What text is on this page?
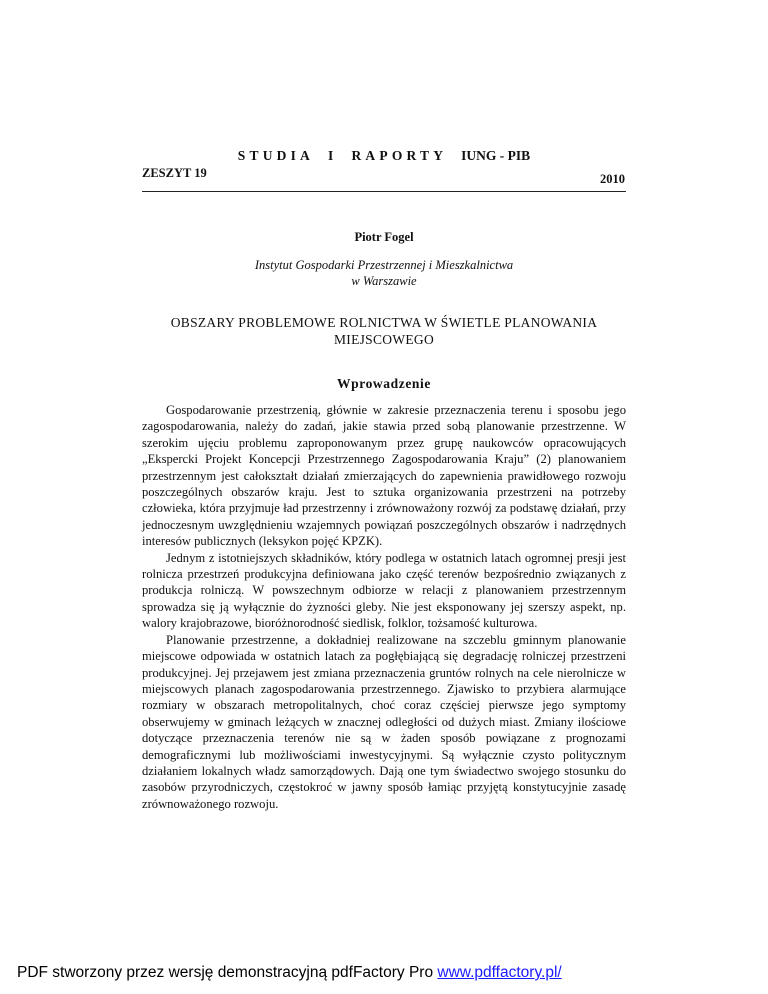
STUDIA I RAPORTY IUNG - PIB
ZESZYT 19	2010
Piotr Fogel
Instytut Gospodarki Przestrzennej i Mieszkalnictwa
w Warszawie
OBSZARY PROBLEMOWE ROLNICTWA W ŚWIETLE PLANOWANIA
MIEJSCOWEGO
Wprowadzenie

Gospodarowanie przestrzenią, głównie w zakresie przeznaczenia terenu i sposobu jego zagospodarowania, należy do zadań, jakie stawia przed sobą planowanie przestrzenne. W szerokim ujęciu problemu zaproponowanym przez grupę naukowców opracowujących „Ekspercki Projekt Koncepcji Przestrzennego Zagospodarowania Kraju” (2) planowaniem przestrzennym jest całokształt działań zmierzających do zapewnienia prawidłowego rozwoju poszczególnych obszarów kraju. Jest to sztuka organizowania przestrzeni na potrzeby człowieka, która przyjmuje ład przestrzenny i zrównoważony rozwój za podstawę działań, przy jednoczesnym uwzględnieniu wzajemnych powiązań poszczególnych obszarów i nadrzędnych interesów publicznych (leksykon pojęć KPZK).

Jednym z istotniejszych składników, który podlega w ostatnich latach ogromnej presji jest rolnicza przestrzeń produkcyjna definiowana jako część terenów bezpośrednio związanych z produkcja rolniczą. W powszechnym odbiorze w relacji z planowaniem przestrzennym sprowadza się ją wyłącznie do żyzności gleby. Nie jest eksponowany jej szerszy aspekt, np. walory krajobrazowe, bioróżnorodność siedlisk, folklor, tożsamość kulturowa.

Planowanie przestrzenne, a dokładniej realizowane na szczeblu gminnym planowanie miejscowe odpowiada w ostatnich latach za pogłębiającą się degradację rolniczej przestrzeni produkcyjnej. Jej przejawem jest zmiana przeznaczenia gruntów rolnych na cele nierolnicze w miejscowych planach zagospodarowania przestrzennego. Zjawisko to przybiera alarmujące rozmiary w obszarach metropolitalnych, choć coraz częściej pierwsze jego symptomy obserwujemy w gminach leżących w znacznej odległości od dużych miast. Zmiany ilościowe dotyczące przeznaczenia terenów nie są w żaden sposób powiązane z prognozami demograficznymi lub możliwościami inwestycyjnymi. Są wyłącznie czysto politycznym działaniem lokalnych władz samorządowych. Dają one tym świadectwo swojego stosunku do zasobów przyrodniczych, częstokroć w jawny sposób łamiąc przyjętą konstytucyjnie zasadę zrównoważonego rozwoju.

PDF stworzony przez wersję demonstracyjną pdfFactory Pro www.pdffactory.pl/
